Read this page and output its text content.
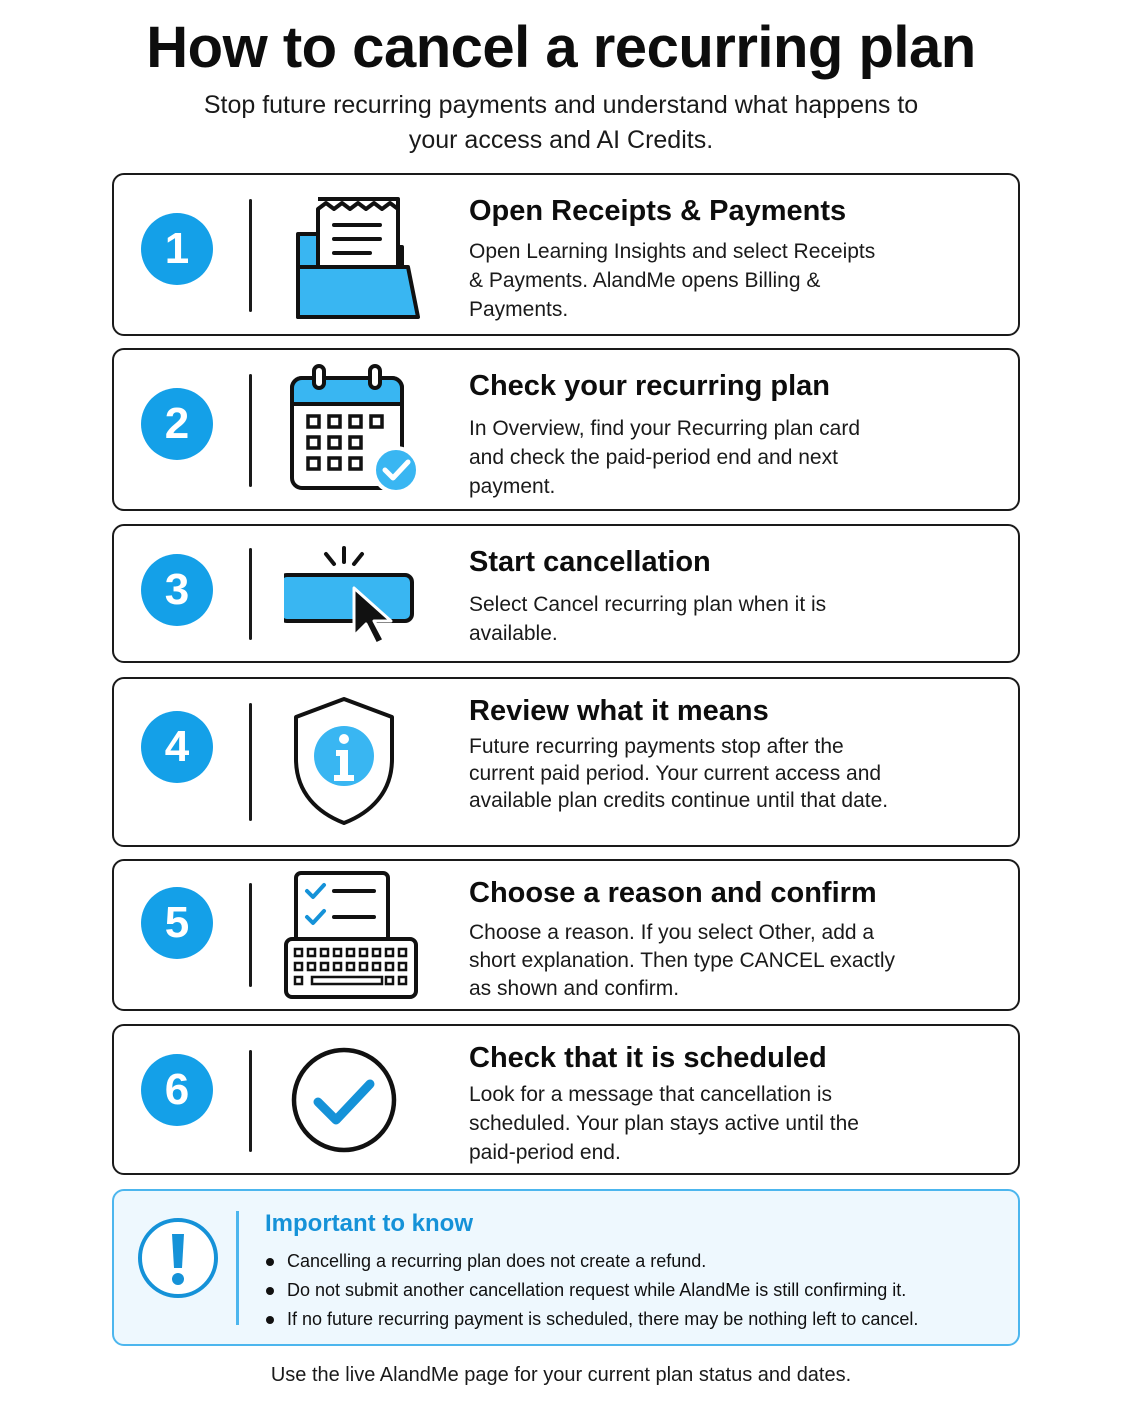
How to cancel a recurring plan
Stop future recurring payments and understand what happens to your access and AI Credits.
1
Open Receipts & Payments
Open Learning Insights and select Receipts & Payments. AlandMe opens Billing & Payments.
2
Check your recurring plan
In Overview, find your Recurring plan card and check the paid-period end and next payment.
3
Start cancellation
Select Cancel recurring plan when it is available.
4
Review what it means
Future recurring payments stop after the current paid period. Your current access and available plan credits continue until that date.
5
Choose a reason and confirm
Choose a reason. If you select Other, add a short explanation. Then type CANCEL exactly as shown and confirm.
6
Check that it is scheduled
Look for a message that cancellation is scheduled. Your plan stays active until the paid-period end.
Important to know
Cancelling a recurring plan does not create a refund.
Do not submit another cancellation request while AlandMe is still confirming it.
If no future recurring payment is scheduled, there may be nothing left to cancel.
Use the live AlandMe page for your current plan status and dates.
